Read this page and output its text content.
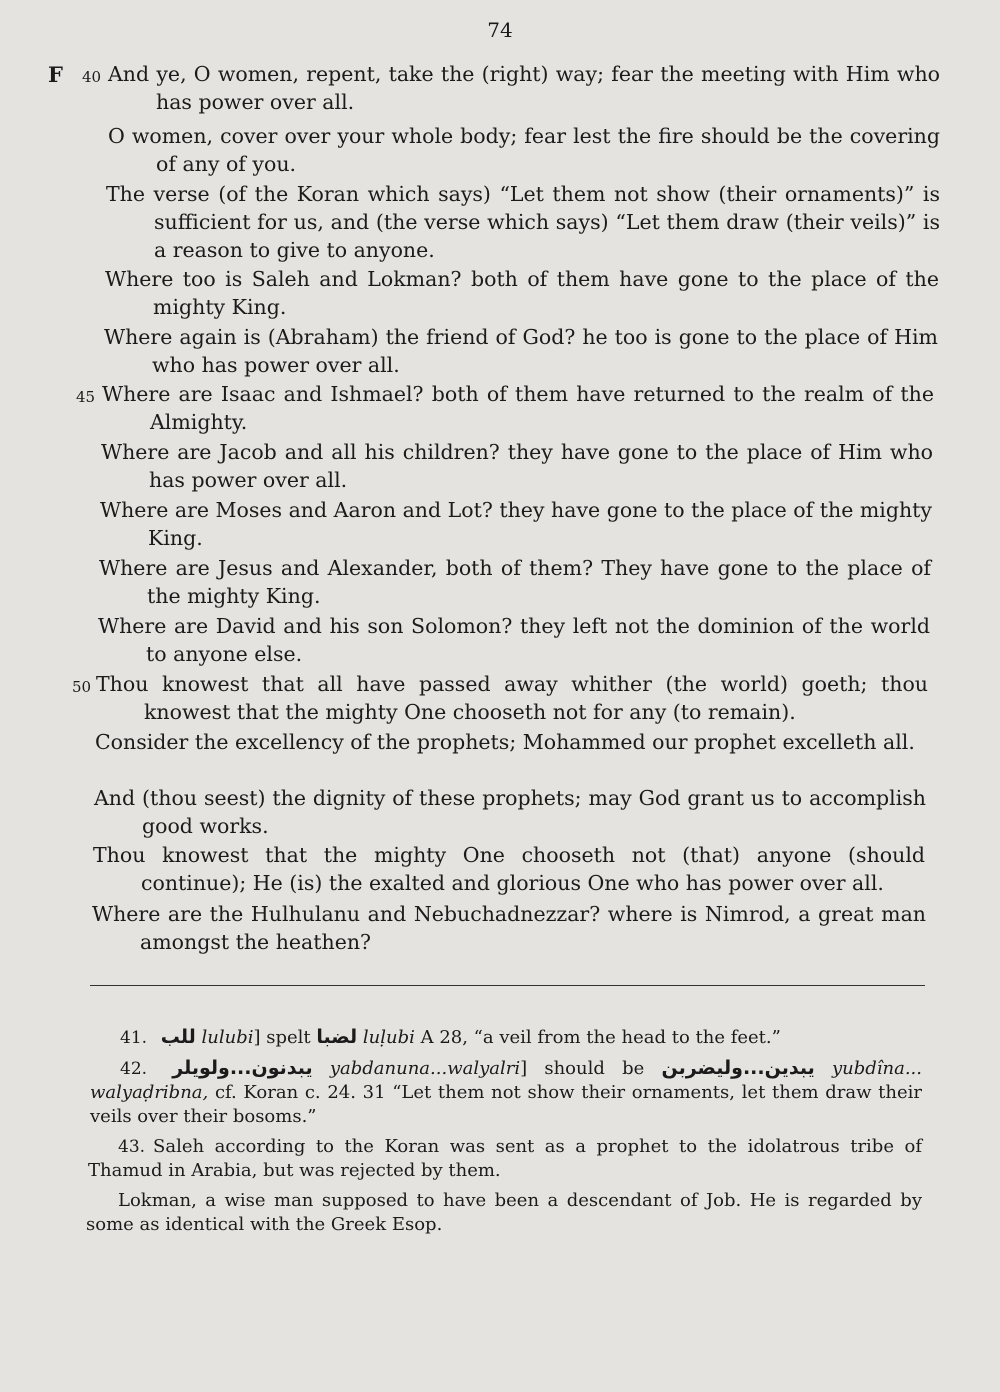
74
F 40 And ye, O women, repent, take the (right) way; fear the meeting with Him who has power over all.
O women, cover over your whole body; fear lest the fire should be the covering of any of you.
The verse (of the Koran which says) “Let them not show (their ornaments)” is sufficient for us, and (the verse which says) “Let them draw (their veils)” is a reason to give to anyone.
Where too is Saleh and Lokman? both of them have gone to the place of the mighty King.
Where again is (Abraham) the friend of God? he too is gone to the place of Him who has power over all.
45 Where are Isaac and Ishmael? both of them have returned to the realm of the Almighty.
Where are Jacob and all his children? they have gone to the place of Him who has power over all.
Where are Moses and Aaron and Lot? they have gone to the place of the mighty King.
Where are Jesus and Alexander, both of them? They have gone to the place of the mighty King.
Where are David and his son Solomon? they left not the dominion of the world to anyone else.
50 Thou knowest that all have passed away whither (the world) goeth; thou knowest that the mighty One chooseth not for any (to remain).
Consider the excellency of the prophets; Mohammed our prophet excelleth all.
And (thou seest) the dignity of these prophets; may God grant us to accomplish good works.
Thou knowest that the mighty One chooseth not (that) anyone (should continue); He (is) the exalted and glorious One who has power over all.
Where are the Hulhulanu and Nebuchadnezzar? where is Nimrod, a great man amongst the heathen?
41. للب lulubi] spelt لضبا luḷubi A 28, “a veil from the head to the feet.”
42. يبدنون...ولويلر yabdanuna...walyalri] should be يبدين...وليضربن yubdîna... walyaḍribna, cf. Koran c. 24. 31 “Let them not show their ornaments, let them draw their veils over their bosoms.”
43. Saleh according to the Koran was sent as a prophet to the idolatrous tribe of Thamud in Arabia, but was rejected by them.
Lokman, a wise man supposed to have been a descendant of Job. He is regarded by some as identical with the Greek Esop.
